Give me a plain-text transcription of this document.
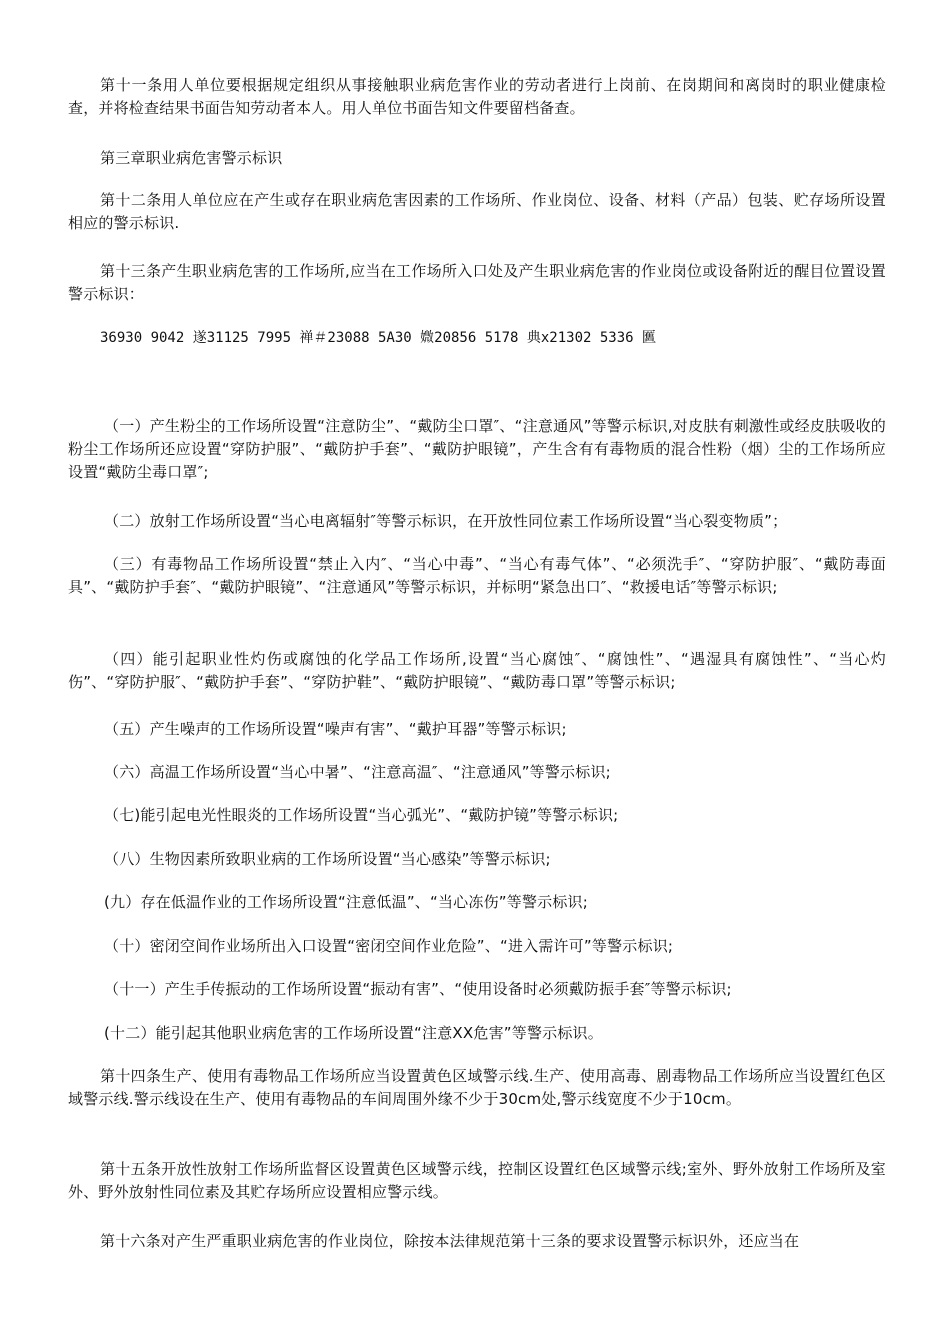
第十一条用人单位要根据规定组织从事接触职业病危害作业的劳动者进行上岗前、在岗期间和离岗时的职业健康检查，并将检查结果书面告知劳动者本人。用人单位书面告知文件要留档备查。

第三章职业病危害警示标识

第十二条用人单位应在产生或存在职业病危害因素的工作场所、作业岗位、设备、材料（产品）包装、贮存场所设置相应的警示标识.

第十三条产生职业病危害的工作场所,应当在工作场所入口处及产生职业病危害的作业岗位或设备附近的醒目位置设置警示标识：

36930 9042 遂31125 7995 禅＃23088 5A30 媺20856 5178 典x21302 5336 匶

（一）产生粉尘的工作场所设置“注意防尘”、“戴防尘口罩″、“注意通风”等警示标识,对皮肤有刺激性或经皮肤吸收的粉尘工作场所还应设置“穿防护服”、“戴防护手套”、“戴防护眼镜”，产生含有有毒物质的混合性粉（烟）尘的工作场所应设置“戴防尘毒口罩″;

（二）放射工作场所设置“当心电离辐射″等警示标识，在开放性同位素工作场所设置“当心裂变物质”；

（三）有毒物品工作场所设置“禁止入内″、“当心中毒”、“当心有毒气体”、“必须洗手″、“穿防护服″、“戴防毒面具”、“戴防护手套″、“戴防护眼镜”、“注意通风”等警示标识，并标明“紧急出口″、“救援电话″等警示标识;

（四）能引起职业性灼伤或腐蚀的化学品工作场所,设置“当心腐蚀″、“腐蚀性”、“遇湿具有腐蚀性”、“当心灼伤”、“穿防护服″、“戴防护手套”、“穿防护鞋”、“戴防护眼镜”、“戴防毒口罩”等警示标识;

（五）产生噪声的工作场所设置“噪声有害”、“戴护耳器”等警示标识;

（六）高温工作场所设置“当心中暑”、“注意高温″、“注意通风”等警示标识;

（七)能引起电光性眼炎的工作场所设置“当心弧光”、“戴防护镜”等警示标识;

（八）生物因素所致职业病的工作场所设置“当心感染”等警示标识;

(九）存在低温作业的工作场所设置“注意低温”、“当心冻伤”等警示标识;

（十）密闭空间作业场所出入口设置“密闭空间作业危险”、“进入需许可”等警示标识;

（十一）产生手传振动的工作场所设置“振动有害”、“使用设备时必须戴防振手套″等警示标识;

(十二）能引起其他职业病危害的工作场所设置“注意XX危害”等警示标识。

第十四条生产、使用有毒物品工作场所应当设置黄色区域警示线.生产、使用高毒、剧毒物品工作场所应当设置红色区域警示线.警示线设在生产、使用有毒物品的车间周围外缘不少于30cm处,警示线宽度不少于10cm。

第十五条开放性放射工作场所监督区设置黄色区域警示线，控制区设置红色区域警示线;室外、野外放射工作场所及室外、野外放射性同位素及其贮存场所应设置相应警示线。

第十六条对产生严重职业病危害的作业岗位，除按本法律规范第十三条的要求设置警示标识外，还应当在
